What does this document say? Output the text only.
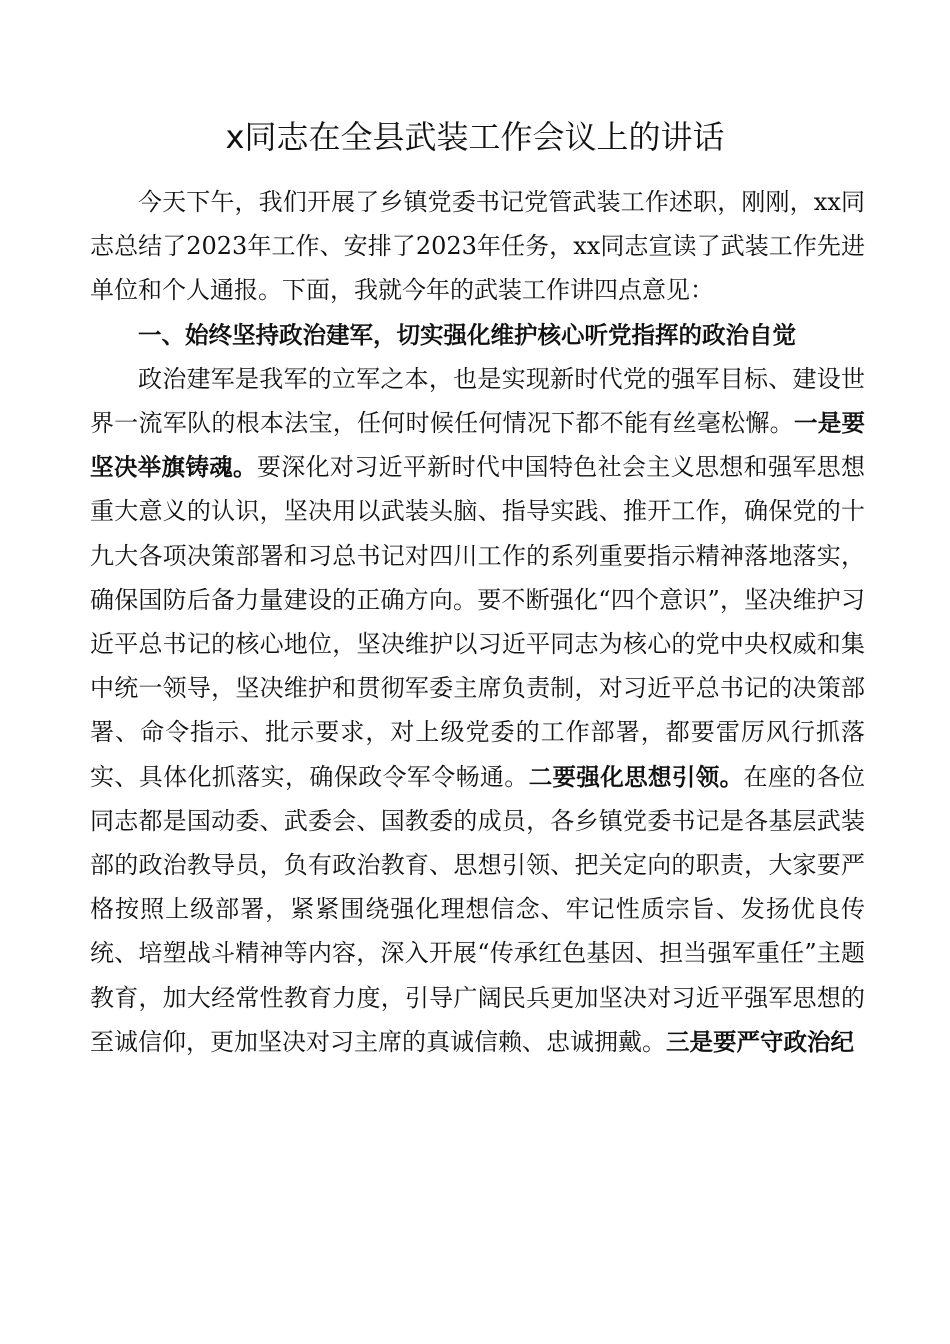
x同志在全县武装工作会议上的讲话

今天下午，我们开展了乡镇党委书记党管武装工作述职，刚刚，xx同志总结了2023年工作、安排了2023年任务，xx同志宣读了武装工作先进单位和个人通报。下面，我就今年的武装工作讲四点意见：

一、始终坚持政治建军，切实强化维护核心听党指挥的政治自觉

政治建军是我军的立军之本，也是实现新时代党的强军目标、建设世界一流军队的根本法宝，任何时候任何情况下都不能有丝毫松懈。一是要坚决举旗铸魂。要深化对习近平新时代中国特色社会主义思想和强军思想重大意义的认识，坚决用以武装头脑、指导实践、推开工作，确保党的十九大各项决策部署和习总书记对四川工作的系列重要指示精神落地落实，确保国防后备力量建设的正确方向。要不断强化“四个意识”，坚决维护习近平总书记的核心地位，坚决维护以习近平同志为核心的党中央权威和集中统一领导，坚决维护和贯彻军委主席负责制，对习近平总书记的决策部署、命令指示、批示要求，对上级党委的工作部署，都要雷厉风行抓落实、具体化抓落实，确保政令军令畅通。二要强化思想引领。在座的各位同志都是国动委、武委会、国教委的成员，各乡镇党委书记是各基层武装部的政治教导员，负有政治教育、思想引领、把关定向的职责，大家要严格按照上级部署，紧紧围绕强化理想信念、牢记性质宗旨、发扬优良传统、培塑战斗精神等内容，深入开展“传承红色基因、担当强军重任”主题教育，加大经常性教育力度，引导广阔民兵更加坚决对习近平强军思想的至诚信仰，更加坚决对习主席的真诚信赖、忠诚拥戴。三是要严守政治纪
